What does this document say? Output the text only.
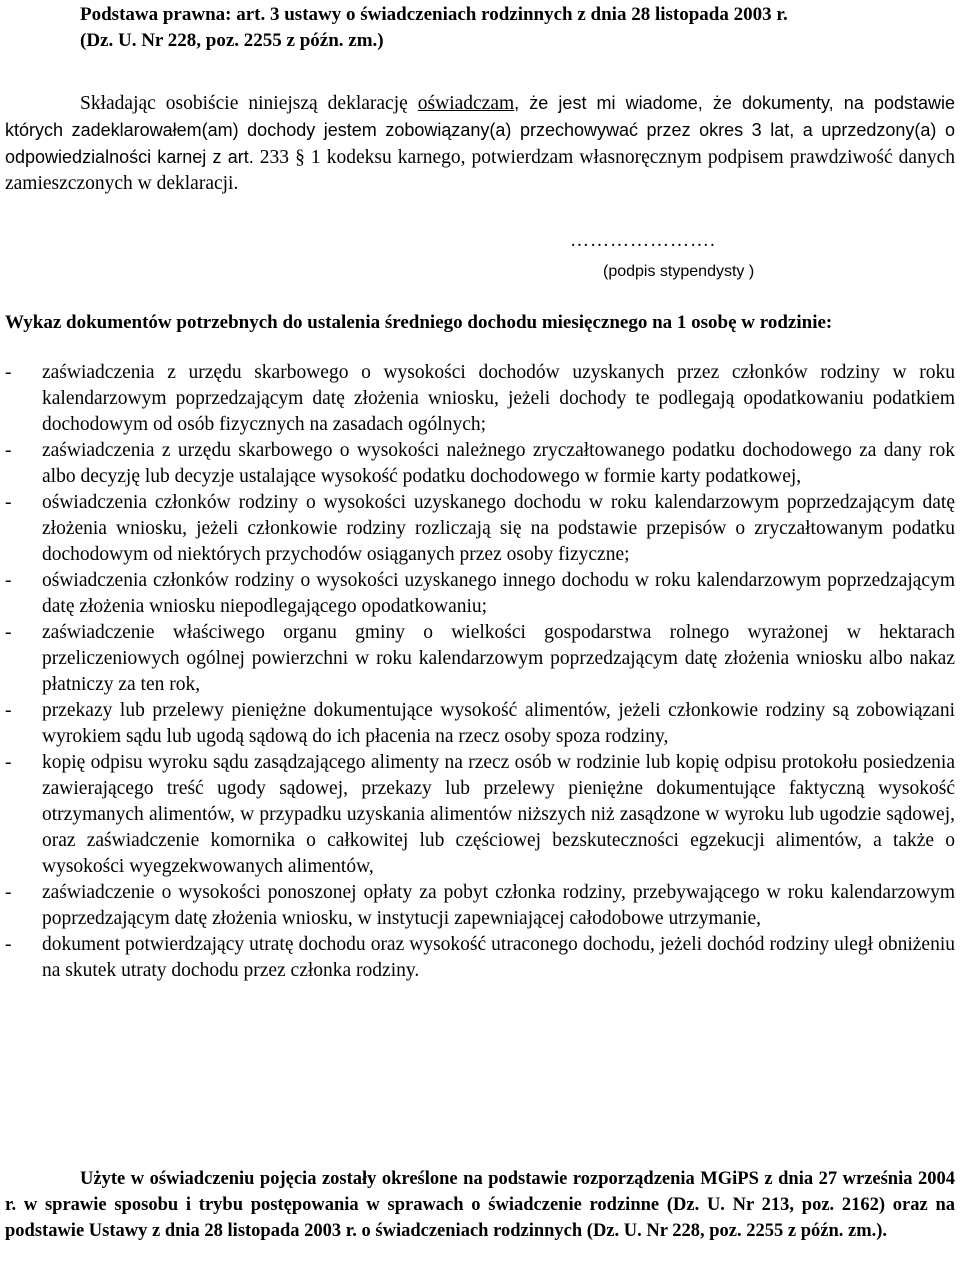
Podstawa prawna: art. 3 ustawy o świadczeniach rodzinnych z dnia 28 listopada 2003 r.
(Dz. U. Nr 228, poz. 2255 z późn. zm.)

Składając osobiście niniejszą deklarację oświadczam, że jest mi wiadome, że dokumenty, na podstawie których zadeklarowałem(am) dochody jestem zobowiązany(a) przechowywać przez okres 3 lat, a uprzedzony(a) o odpowiedzialności karnej z art. 233 § 1 kodeksu karnego, potwierdzam własnoręcznym podpisem prawdziwość danych zamieszczonych w deklaracji.

………………….

(podpis stypendysty )

Wykaz dokumentów potrzebnych do ustalenia średniego dochodu miesięcznego na 1 osobę w rodzinie:

- zaświadczenia z urzędu skarbowego o wysokości dochodów uzyskanych przez członków rodziny w roku kalendarzowym poprzedzającym datę złożenia wniosku, jeżeli dochody te podlegają opodatkowaniu podatkiem dochodowym od osób fizycznych na zasadach ogólnych;
- zaświadczenia z urzędu skarbowego o wysokości należnego zryczałtowanego podatku dochodowego za dany rok albo decyzję lub decyzje ustalające wysokość podatku dochodowego w formie karty podatkowej,
- oświadczenia członków rodziny o wysokości uzyskanego dochodu w roku kalendarzowym poprzedzającym datę złożenia wniosku, jeżeli członkowie rodziny rozliczają się na podstawie przepisów o zryczałtowanym podatku dochodowym od niektórych przychodów osiąganych przez osoby fizyczne;
- oświadczenia członków rodziny o wysokości uzyskanego innego dochodu w roku kalendarzowym poprzedzającym datę złożenia wniosku niepodlegającego opodatkowaniu;
- zaświadczenie właściwego organu gminy o wielkości gospodarstwa rolnego wyrażonej w hektarach przeliczeniowych ogólnej powierzchni w roku kalendarzowym poprzedzającym datę złożenia wniosku albo nakaz płatniczy za ten rok,
- przekazy lub przelewy pieniężne dokumentujące wysokość alimentów, jeżeli członkowie rodziny są zobowiązani wyrokiem sądu lub ugodą sądową do ich płacenia na rzecz osoby spoza rodziny,
- kopię odpisu wyroku sądu zasądzającego alimenty na rzecz osób w rodzinie lub kopię odpisu protokołu posiedzenia zawierającego treść ugody sądowej, przekazy lub przelewy pieniężne dokumentujące faktyczną wysokość otrzymanych alimentów, w przypadku uzyskania alimentów niższych niż zasądzone w wyroku lub ugodzie sądowej, oraz zaświadczenie komornika o całkowitej lub częściowej bezskuteczności egzekucji alimentów, a także o wysokości wyegzekwowanych alimentów,
- zaświadczenie o wysokości ponoszonej opłaty za pobyt członka rodziny, przebywającego w roku kalendarzowym poprzedzającym datę złożenia wniosku, w instytucji zapewniającej całodobowe utrzymanie,
- dokument potwierdzający utratę dochodu oraz wysokość utraconego dochodu, jeżeli dochód rodziny uległ obniżeniu na skutek utraty dochodu przez członka rodziny.

Użyte w oświadczeniu pojęcia zostały określone na podstawie rozporządzenia MGiPS z dnia 27 września 2004 r. w sprawie sposobu i trybu postępowania w sprawach o świadczenie rodzinne (Dz. U. Nr 213, poz. 2162) oraz na podstawie Ustawy z dnia 28 listopada 2003 r. o świadczeniach rodzinnych (Dz. U. Nr 228, poz. 2255 z późn. zm.).
